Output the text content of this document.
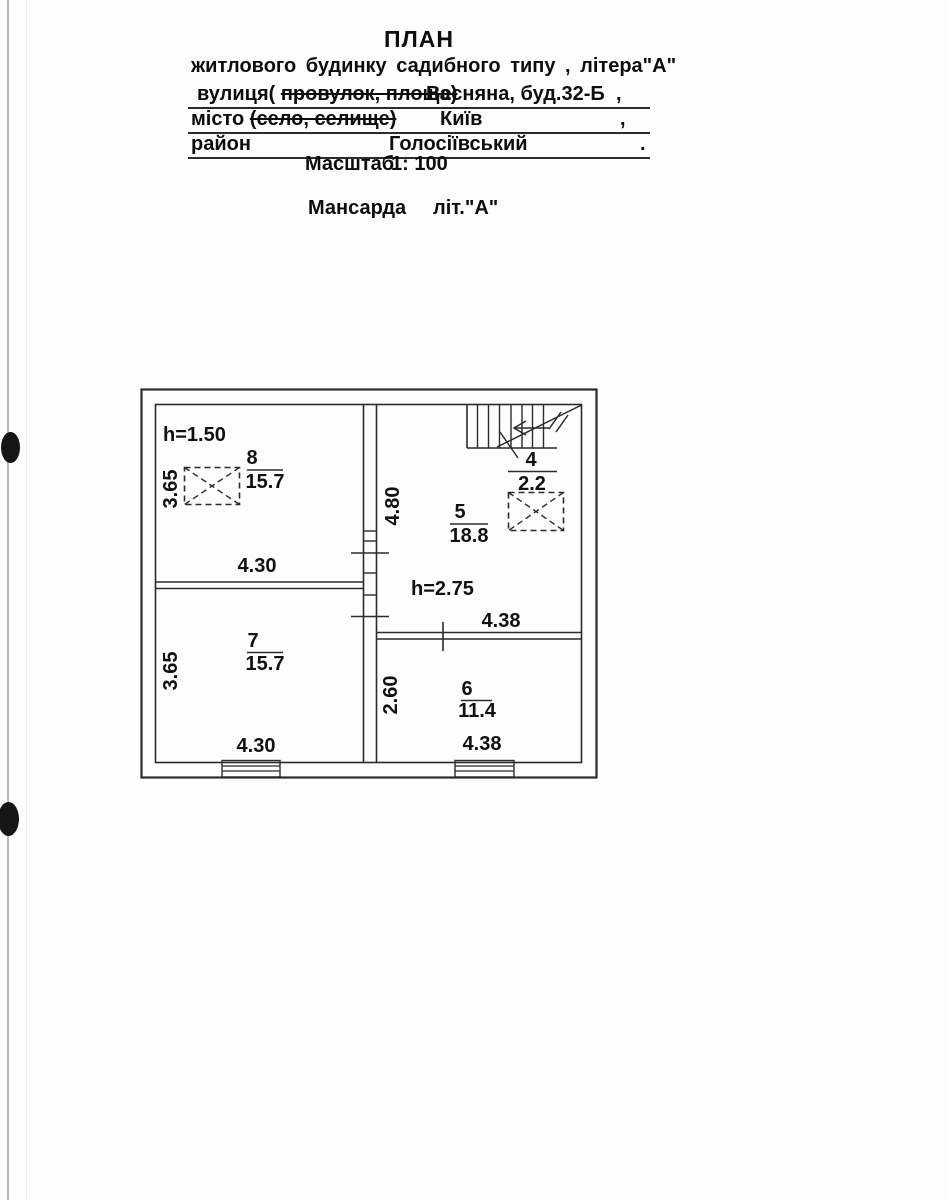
ПЛАН
житлового будинку садибного типу , літера"А"
вулиця( провулок, площа)
Весняна, буд.32-Б ,
місто (село, селище) Київ	,
район	Голосіївський	.
Масштаб
1: 100
Мансарда літ."А"
h=1.50
h=2.75
8
15.7
5
18.8
7
15.7
6
11.4
4
2.2
3.65
4.30
4.80
4.38
3.65
2.60
4.30	4.38
